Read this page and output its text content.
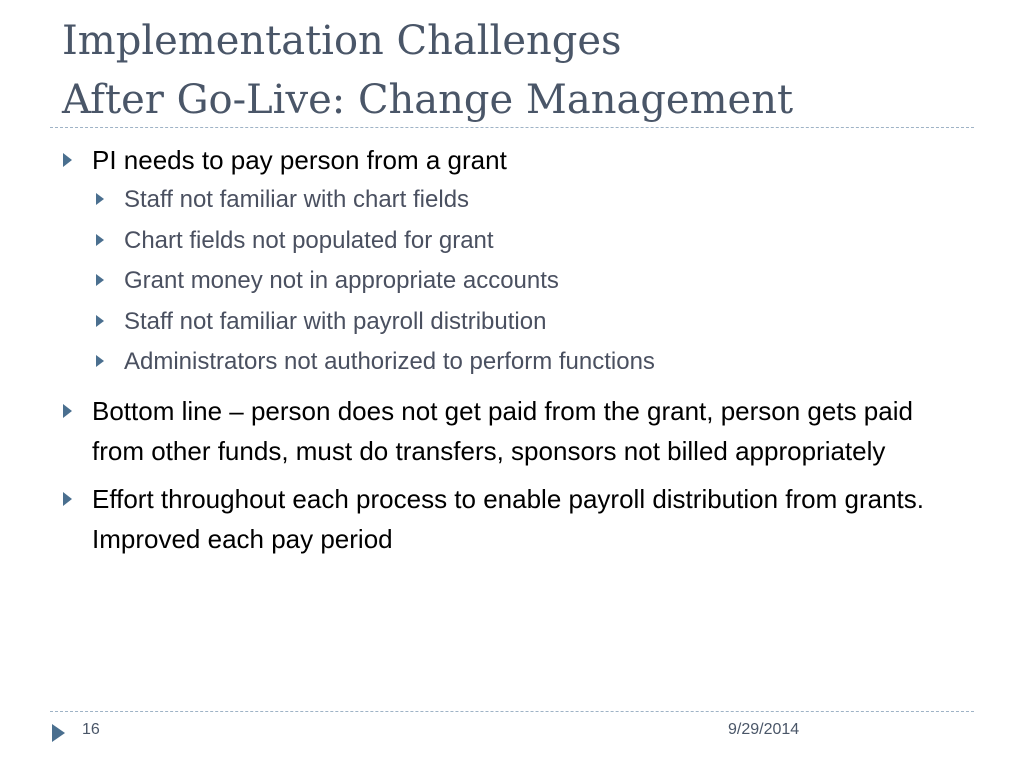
Implementation Challenges
After Go-Live: Change Management
PI needs to pay person from a grant
Staff not familiar with chart fields
Chart fields not populated for grant
Grant money not in appropriate accounts
Staff not familiar with payroll distribution
Administrators not authorized to perform functions
Bottom line – person does not get paid from the grant, person gets paid from other funds, must do transfers, sponsors not billed appropriately
Effort throughout each process to enable payroll distribution from grants. Improved each pay period
16	9/29/2014
